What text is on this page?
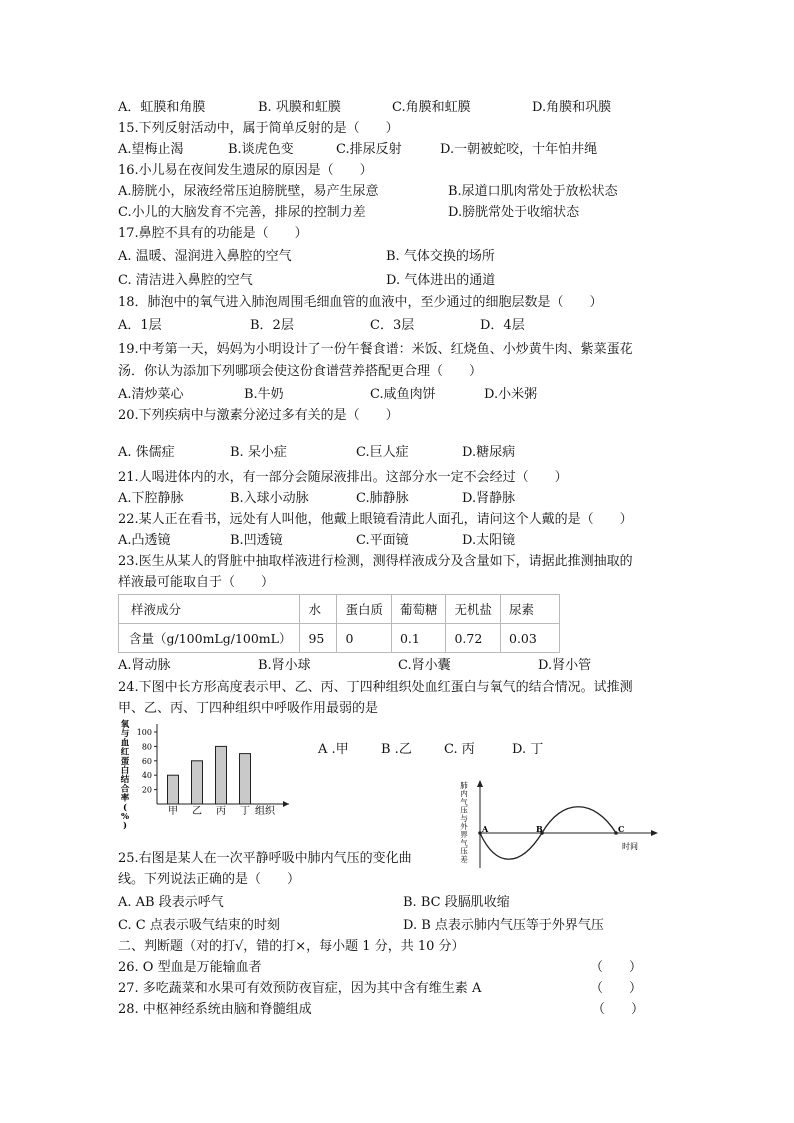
A．虹膜和角膜	B. 巩膜和虹膜	C.角膜和虹膜	D.角膜和巩膜
15.下列反射活动中，属于简单反射的是（　　）
A.望梅止渴	B.谈虎色变	C.排尿反射	D.一朝被蛇咬，十年怕井绳
16.小儿易在夜间发生遗尿的原因是（　　）
A.膀胱小，尿液经常压迫膀胱壁，易产生尿意	B.尿道口肌肉常处于放松状态
C.小儿的大脑发育不完善，排尿的控制力差	D.膀胱常处于收缩状态
17.鼻腔不具有的功能是（　　）
A. 温暖、湿润进入鼻腔的空气	B. 气体交换的场所
C. 清洁进入鼻腔的空气	D. 气体进出的通道
18．肺泡中的氧气进入肺泡周围毛细血管的血液中，至少通过的细胞层数是（　　）
A．1层	B．2层	C．3层	D．4层
19.中考第一天，妈妈为小明设计了一份午餐食谱：米饭、红烧鱼、小炒黄牛肉、紫菜蛋花
汤．你认为添加下列哪项会使这份食谱营养搭配更合理（　　）
A.清炒菜心	B.牛奶	C.咸鱼肉饼	D.小米粥
20.下列疾病中与激素分泌过多有关的是（　　）
A. 侏儒症	B. 呆小症	C.巨人症	D.糖尿病
21.人喝进体内的水，有一部分会随尿液排出。这部分水一定不会经过（　　）
A.下腔静脉	B.入球小动脉	C.肺静脉	D.肾静脉
22.某人正在看书，远处有人叫他，他戴上眼镜看清此人面孔，请问这个人戴的是（　　）
A.凸透镜	B.凹透镜	C.平面镜	D.太阳镜
23.医生从某人的肾脏中抽取样液进行检测，测得样液成分及含量如下，请据此推测抽取的
样液最可能取自于（　　）
样液成分	水	蛋白质	葡萄糖	无机盐	尿素
含量（g/100mLg/100mL）	95	0	0.1	0.72	0.03
A.肾动脉	B.肾小球	C.肾小囊	D.肾小管
24.下图中长方形高度表示甲、乙、丙、丁四种组织处血红蛋白与氧气的结合情况。试推测
甲、乙、丙、丁四种组织中呼吸作用最弱的是
氧
与
血
红
蛋
白
结
合
率
(
%
)
20
40
60
80
100
甲 乙 丙 丁 组织
A .甲 B .乙 C. 丙	D. 丁
A	B	C
时间
肺
内
气
压
与
外
界
气
压
差
25.右图是某人在一次平静呼吸中肺内气压的变化曲
线。下列说法正确的是（　　）
A. AB 段表示呼气	B. BC 段膈肌收缩
C. C 点表示吸气结束的时刻	D. B 点表示肺内气压等于外界气压
二、判断题（对的打√，错的打×，每小题 1 分，共 10 分）
26. O 型血是万能输血者	（　　）
27. 多吃蔬菜和水果可有效预防夜盲症，因为其中含有维生素 A	（　　）
28. 中枢神经系统由脑和脊髓组成	（　　）
